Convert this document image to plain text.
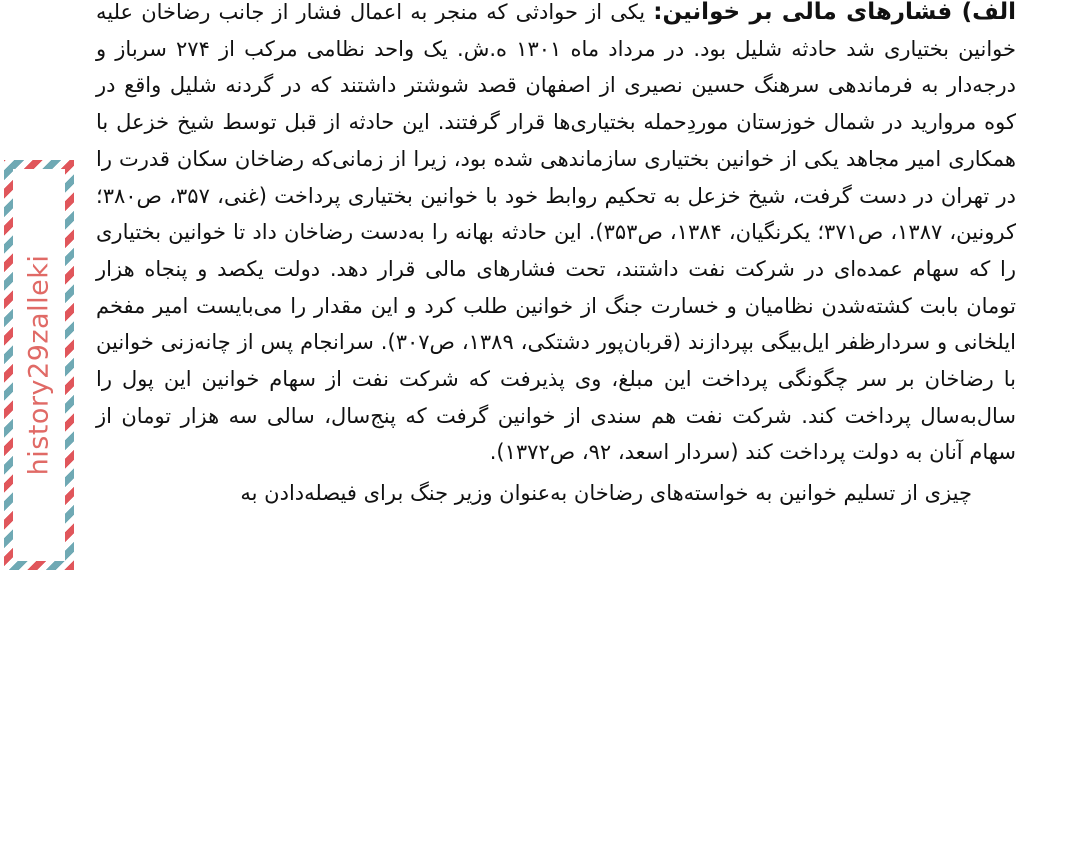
history29zalleki

الف) فشارهای مالی بر خوانین: یکی از حوادثی که منجر به اعمال فشار از جانب رضاخان علیه خوانین بختیاری شد حادثه شلیل بود. در مرداد ماه ۱۳۰۱ ه.ش. یک واحد نظامی مرکب از ۲۷۴ سرباز و درجه‌دار به فرماندهی سرهنگ حسین نصیری از اصفهان قصد شوشتر داشتند که در گردنه شلیل واقع در کوه مروارید در شمال خوزستان موردِحمله بختیاری‌ها قرار گرفتند. این حادثه از قبل توسط شیخ خزعل با همکاری امیر مجاهد یکی از خوانین بختیاری سازماندهی شده بود، زیرا از زمانی‌که رضاخان سکان قدرت را در تهران در دست گرفت، شیخ خزعل به تحکیم روابط خود با خوانین بختیاری پرداخت (غنی، ۳۵۷، ص۳۸۰؛ کرونین، ۱۳۸۷، ص۳۷۱؛ یکرنگیان، ۱۳۸۴، ص۳۵۳). این حادثه بهانه را به‌دست رضاخان داد تا خوانین بختیاری را که سهام عمده‌ای در شرکت نفت داشتند، تحت فشارهای مالی قرار دهد. دولت یکصد و پنجاه هزار تومان بابت کشته‌شدن نظامیان و خسارت جنگ از خوانین طلب کرد و این مقدار را می‌بایست امیر مفخم ایلخانی و سردارظفر ایل‌بیگی بپردازند (قربان‌پور دشتکی، ۱۳۸۹، ص۳۰۷). سرانجام پس از چانه‌زنی خوانین با رضاخان بر سر چگونگی پرداخت این مبلغ، وی پذیرفت که شرکت نفت از سهام خوانین این پول را سال‌به‌سال پرداخت کند. شرکت نفت هم سندی از خوانین گرفت که پنج‌سال، سالی سه هزار تومان از سهام آنان به دولت پرداخت کند (سردار اسعد، ۹۲، ص۱۳۷۲).

چیزی از تسلیم خوانین به خواسته‌های رضاخان به‌عنوان وزیر جنگ برای فیصله‌دادن به
